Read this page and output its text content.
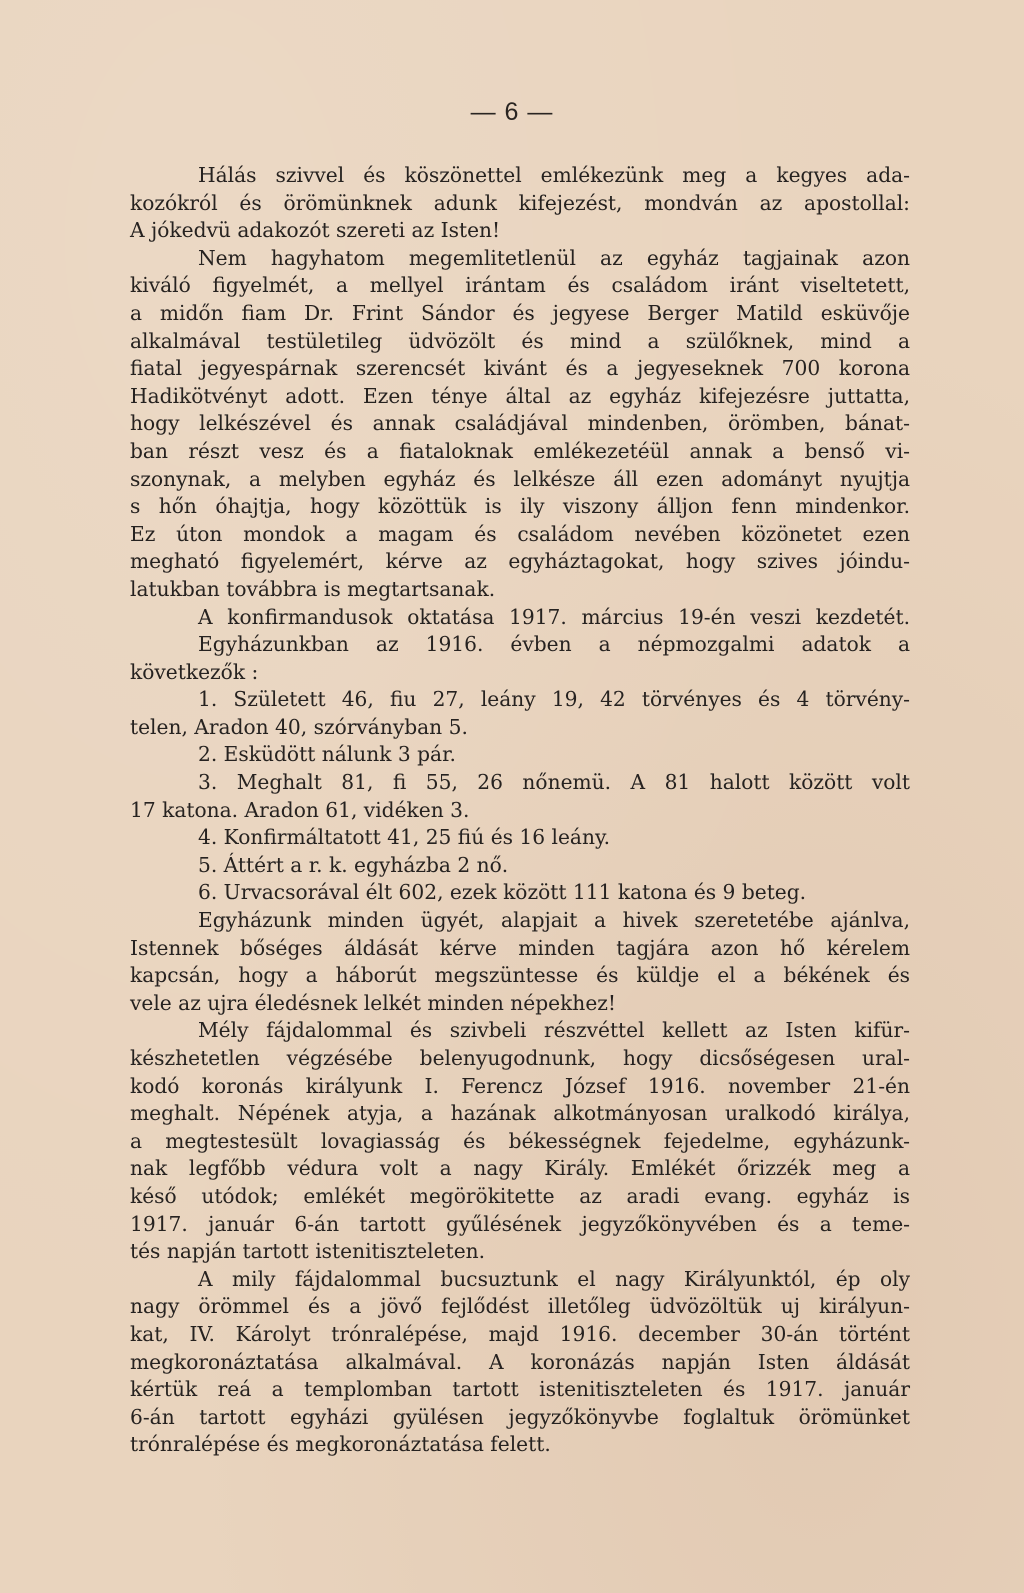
— 6 —
Hálás szivvel és köszönettel emlékezünk meg a kegyes ada-
kozókról és örömünknek adunk kifejezést, mondván az apostollal:
A jókedvü adakozót szereti az Isten!
Nem hagyhatom megemlitetlenül az egyház tagjainak azon
kiváló figyelmét, a mellyel irántam és családom iránt viseltetett,
a midőn fiam Dr. Frint Sándor és jegyese Berger Matild esküvője
alkalmával testületileg üdvözölt és mind a szülőknek, mind a
fiatal jegyespárnak szerencsét kivánt és a jegyeseknek 700 korona
Hadikötvényt adott. Ezen ténye által az egyház kifejezésre juttatta,
hogy lelkészével és annak családjával mindenben, örömben, bánat-
ban részt vesz és a fiataloknak emlékezetéül annak a benső vi-
szonynak, a melyben egyház és lelkésze áll ezen adományt nyujtja
s hőn óhajtja, hogy közöttük is ily viszony álljon fenn mindenkor.
Ez úton mondok a magam és családom nevében közönetet ezen
megható figyelemért, kérve az egyháztagokat, hogy szives jóindu-
latukban továbbra is megtartsanak.
A konfirmandusok oktatása 1917. március 19-én veszi kezdetét.
Egyházunkban az 1916. évben a népmozgalmi adatok a
következők :
1. Született 46, fiu 27, leány 19, 42 törvényes és 4 törvény-
telen, Aradon 40, szórványban 5.
2. Esküdött nálunk 3 pár.
3. Meghalt 81, fi 55, 26 nőnemü. A 81 halott között volt
17 katona. Aradon 61, vidéken 3.
4. Konfirmáltatott 41, 25 fiú és 16 leány.
5. Áttért a r. k. egyházba 2 nő.
6. Urvacsorával élt 602, ezek között 111 katona és 9 beteg.
Egyházunk minden ügyét, alapjait a hivek szeretetébe ajánlva,
Istennek bőséges áldását kérve minden tagjára azon hő kérelem
kapcsán, hogy a háborút megszüntesse és küldje el a békének és
vele az ujra éledésnek lelkét minden népekhez!
Mély fájdalommal és szivbeli részvéttel kellett az Isten kifür-
készhetetlen végzésébe belenyugodnunk, hogy dicsőségesen ural-
kodó koronás királyunk I. Ferencz József 1916. november 21-én
meghalt. Népének atyja, a hazának alkotmányosan uralkodó királya,
a megtestesült lovagiasság és békességnek fejedelme, egyházunk-
nak legfőbb védura volt a nagy Király. Emlékét őrizzék meg a
késő utódok; emlékét megörökitette az aradi evang. egyház is
1917. január 6-án tartott gyűlésének jegyzőkönyvében és a teme-
tés napján tartott istenitiszteleten.
A mily fájdalommal bucsuztunk el nagy Királyunktól, ép oly
nagy örömmel és a jövő fejlődést illetőleg üdvözöltük uj királyun-
kat, IV. Károlyt trónralépése, majd 1916. december 30-án történt
megkoronáztatása alkalmával. A koronázás napján Isten áldását
kértük reá a templomban tartott istenitiszteleten és 1917. január
6-án tartott egyházi gyülésen jegyzőkönyvbe foglaltuk örömünket
trónralépése és megkoronáztatása felett.
